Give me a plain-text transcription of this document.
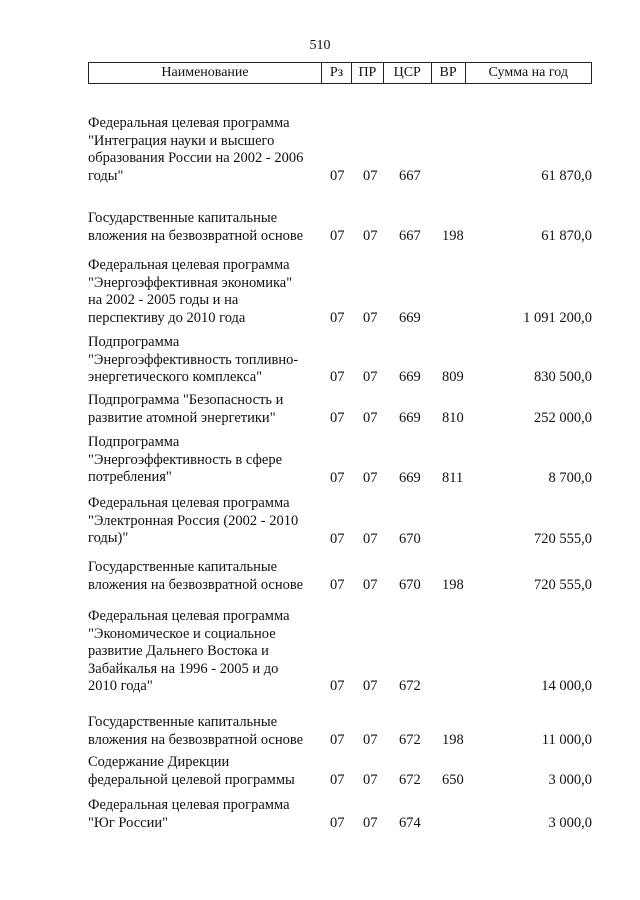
510
Наименование	Рз	ПР	ЦСР	ВР	Сумма на год
Федеральная целевая программа
"Интеграция науки и высшего
образования России на 2002 - 2006
годы"	07 07 667	61 870,0
Государственные капитальные
вложения на безвозвратной основе	07 07 667 198	61 870,0
Федеральная целевая программа
"Энергоэффективная экономика"
на 2002 - 2005 годы и на
перспективу до 2010 года	07 07 669	1 091 200,0
Подпрограмма
"Энергоэффективность топливно-
энергетического комплекса"	07 07 669 809	830 500,0
Подпрограмма "Безопасность и
развитие атомной энергетики"	07 07 669 810	252 000,0
Подпрограмма
"Энергоэффективность в сфере
потребления"	07 07 669 811	8 700,0
Федеральная целевая программа
"Электронная Россия (2002 - 2010
годы)"	07 07 670	720 555,0
Государственные капитальные
вложения на безвозвратной основе	07 07 670 198	720 555,0
Федеральная целевая программа
"Экономическое и социальное
развитие Дальнего Востока и
Забайкалья на 1996 - 2005 и до
2010 года"	07 07 672	14 000,0
Государственные капитальные
вложения на безвозвратной основе	07 07 672 198	11 000,0
Содержание Дирекции
федеральной целевой программы	07 07 672 650	3 000,0
Федеральная целевая программа
"Юг России"	07 07 674	3 000,0
